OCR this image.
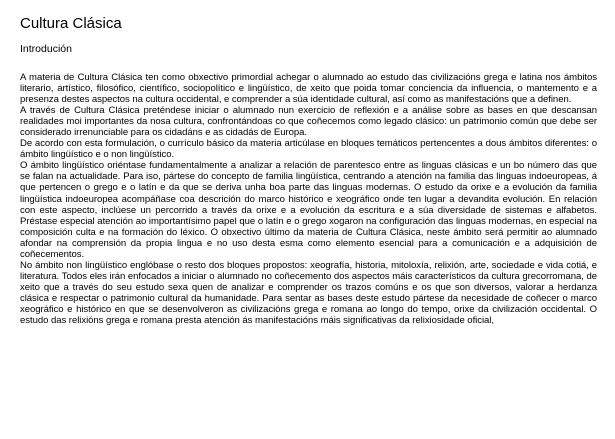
Cultura Clásica
Introdución

A materia de Cultura Clásica ten como obxectivo primordial achegar o alumnado ao estudo das civilizacións grega e latina nos ámbitos literario, artístico, filosófico, científico, sociopolítico e lingüístico, de xeito que poida tomar conciencia da influencia, o mantemento e a presenza destes aspectos na cultura occidental, e comprender a súa identidade cultural, así como as manifestacións que a definen.

A través de Cultura Clásica preténdese iniciar o alumnado nun exercicio de reflexión e a análise sobre as bases en que descansan realidades moi importantes da nosa cultura, confrontándoas co que coñecemos como legado clásico: un patrimonio común que debe ser considerado irrenunciable para os cidadáns e as cidadás de Europa.

De acordo con esta formulación, o currículo básico da materia articúlase en bloques temáticos pertencentes a dous ámbitos diferentes: o ámbito lingüístico e o non lingüístico.

O ámbito lingüístico oriéntase fundamentalmente a analizar a relación de parentesco entre as linguas clásicas e un bo número das que se falan na actualidade. Para iso, pártese do concepto de familia lingüística, centrando a atención na familia das linguas indoeuropeas, á que pertencen o grego e o latín e da que se deriva unha boa parte das linguas modernas. O estudo da orixe e a evolución da familia lingüística indoeuropea acompáñase coa descrición do marco histórico e xeográfico onde ten lugar a devandita evolución. En relación con este aspecto, inclúese un percorrido a través da orixe e a evolución da escritura e a súa diversidade de sistemas e alfabetos. Préstase especial atención ao importantísimo papel que o latín e o grego xogaron na configuración das linguas modernas, en especial na composición culta e na formación do léxico. O obxectivo último da materia de Cultura Clásica, neste ámbito será permitir ao alumnado afondar na comprensión da propia lingua e no uso desta esma como elemento esencial para a comunicación e a adquisición de coñecementos.

No ámbito non lingüístico englóbase o resto dos bloques propostos: xeografía, historia, mitoloxía, relixión, arte, sociedade e vida cotiá, e literatura. Todos eles irán enfocados a iniciar o alumnado no coñecemento dos aspectos máis característicos da cultura grecorromana, de xeito que a través do seu estudo sexa quen de analizar e comprender os trazos comúns e os que son diversos, valorar a herdanza clásica e respectar o patrimonio cultural da humanidade. Para sentar as bases deste estudo pártese da necesidade de coñecer o marco xeográfico e histórico en que se desenvolveron as civilizacións grega e romana ao longo do tempo, orixe da civilización occidental. O estudo das relixións grega e romana presta atención ás manifestacións máis significativas da relixiosidade oficial,
